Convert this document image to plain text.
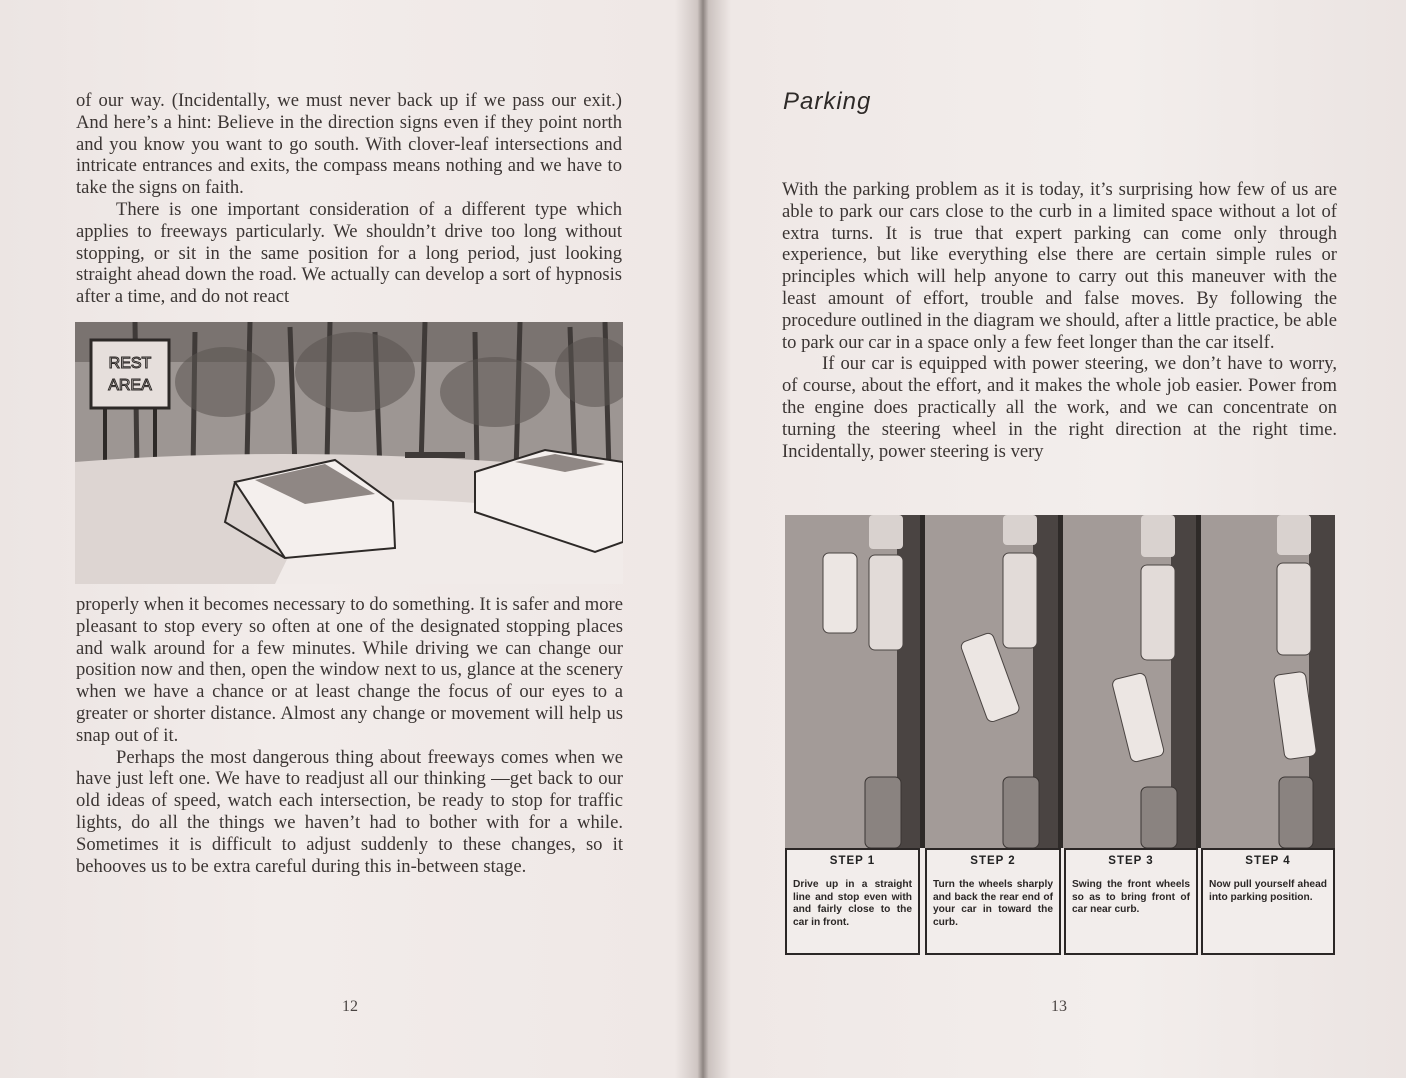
of our way. (Incidentally, we must never back up if we pass our exit.) And here’s a hint: Believe in the direction signs even if they point north and you know you want to go south. With clover-leaf intersections and intricate entrances and exits, the compass means nothing and we have to take the signs on faith.

There is one important consideration of a different type which applies to freeways particularly. We shouldn’t drive too long without stopping, or sit in the same position for a long period, just looking straight ahead down the road. We actually can develop a sort of hypnosis after a time, and do not react

REST
AREA

properly when it becomes necessary to do something. It is safer and more pleasant to stop every so often at one of the designated stopping places and walk around for a few minutes. While driving we can change our position now and then, open the window next to us, glance at the scenery when we have a chance or at least change the focus of our eyes to a greater or shorter distance. Almost any change or movement will help us snap out of it.

Perhaps the most dangerous thing about freeways comes when we have just left one. We have to readjust all our thinking —get back to our old ideas of speed, watch each intersection, be ready to stop for traffic lights, do all the things we haven’t had to bother with for a while. Sometimes it is difficult to adjust suddenly to these changes, so it behooves us to be extra careful during this in-between stage.

12
Parking

With the parking problem as it is today, it’s surprising how few of us are able to park our cars close to the curb in a limited space without a lot of extra turns. It is true that expert parking can come only through experience, but like everything else there are certain simple rules or principles which will help anyone to carry out this maneuver with the least amount of effort, trouble and false moves. By following the procedure outlined in the diagram we should, after a little practice, be able to park our car in a space only a few feet longer than the car itself.

If our car is equipped with power steering, we don’t have to worry, of course, about the effort, and it makes the whole job easier. Power from the engine does practically all the work, and we can concentrate on turning the steering wheel in the right direction at the right time. Incidentally, power steering is very

STEP 1
Drive up in a straight line and stop even with and fairly close to the car in front.
STEP 2
Turn the wheels sharply and back the rear end of your car in toward the curb.
STEP 3
Swing the front wheels so as to bring front of car near curb.
STEP 4
Now pull yourself ahead into parking position.
13
